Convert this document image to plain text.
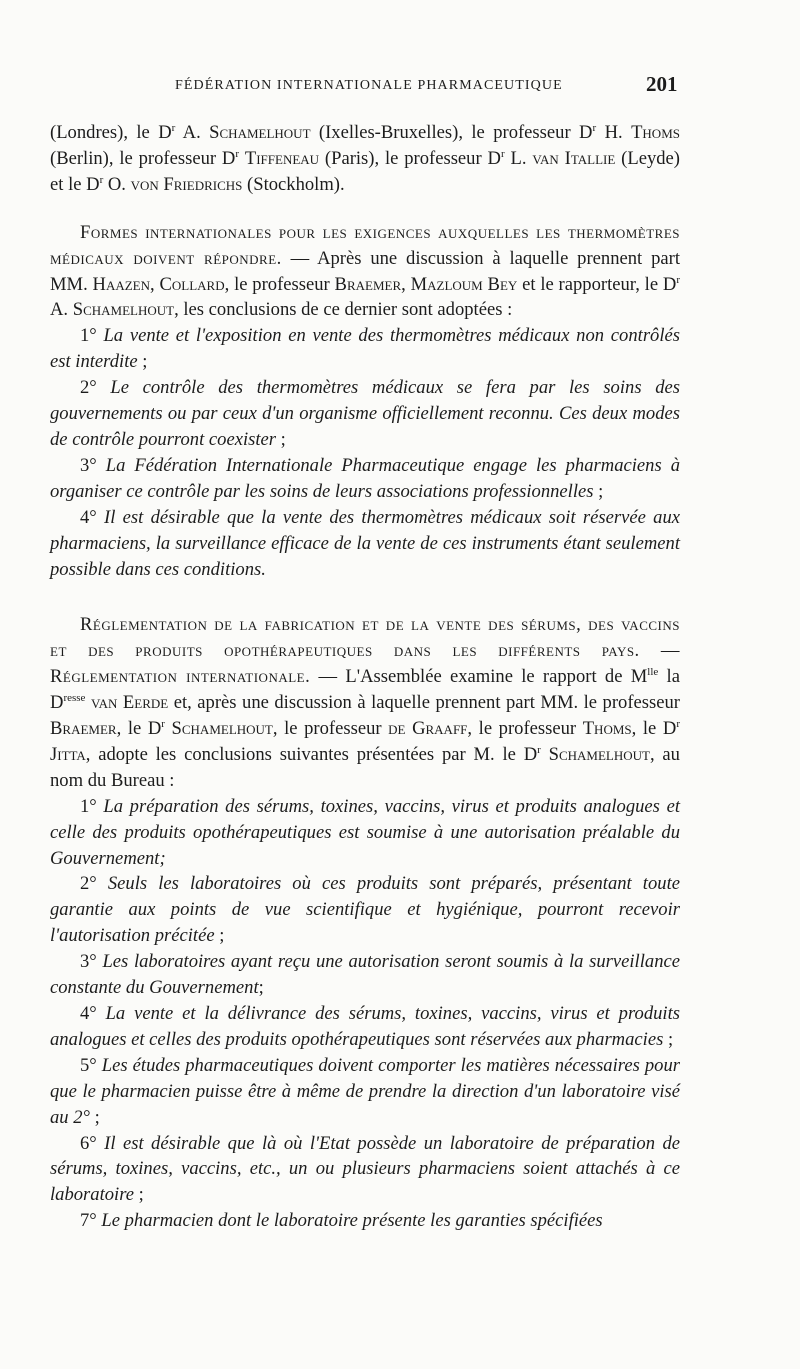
FÉDÉRATION INTERNATIONALE PHARMACEUTIQUE	201

(Londres), le $D^r$ A. Schamelhout (Ixelles-Bruxelles), le professeur $D^r$ H. Thoms (Berlin), le professeur $D^r$ Tiffeneau (Paris), le professeur $D^r$ L. van Itallie (Leyde) et le $D^r$ O. von Friedrichs (Stockholm).

Formes internationales pour les exigences auxquelles les thermomètres médicaux doivent répondre. — Après une discussion à laquelle prennent part MM. Haazen, Collard, le professeur Braemer, Mazloum Bey et le rapporteur, le $D^r$ A. Schamelhout, les conclusions de ce dernier sont adoptées :

1° La vente et l'exposition en vente des thermomètres médicaux non contrôlés est interdite ;

2° Le contrôle des thermomètres médicaux se fera par les soins des gouvernements ou par ceux d'un organisme officiellement reconnu. Ces deux modes de contrôle pourront coexister ;

3° La Fédération Internationale Pharmaceutique engage les pharmaciens à organiser ce contrôle par les soins de leurs associations professionnelles ;

4° Il est désirable que la vente des thermomètres médicaux soit réservée aux pharmaciens, la surveillance efficace de la vente de ces instruments étant seulement possible dans ces conditions.

Réglementation de la fabrication et de la vente des sérums, des vaccins et des produits opothérapeutiques dans les différents pays. — Réglementation internationale. — L'Assemblée examine le rapport de $M^{lle}$ la $D^{resse}$ van Eerde et, après une discussion à laquelle prennent part MM. le professeur Braemer, le $D^r$ Schamelhout, le professeur de Graaff, le professeur Thoms, le $D^r$ Jitta, adopte les conclusions suivantes présentées par M. le $D^r$ Schamelhout, au nom du Bureau :

1° La préparation des sérums, toxines, vaccins, virus et produits analogues et celle des produits opothérapeutiques est soumise à une autorisation préalable du Gouvernement;

2° Seuls les laboratoires où ces produits sont préparés, présentant toute garantie aux points de vue scientifique et hygiénique, pourront recevoir l'autorisation précitée ;

3° Les laboratoires ayant reçu une autorisation seront soumis à la surveillance constante du Gouvernement;

4° La vente et la délivrance des sérums, toxines, vaccins, virus et produits analogues et celles des produits opothérapeutiques sont réservées aux pharmacies ;

5° Les études pharmaceutiques doivent comporter les matières nécessaires pour que le pharmacien puisse être à même de prendre la direction d'un laboratoire visé au 2° ;

6° Il est désirable que là où l'Etat possède un laboratoire de préparation de sérums, toxines, vaccins, etc., un ou plusieurs pharmaciens soient attachés à ce laboratoire ;

7° Le pharmacien dont le laboratoire présente les garanties spécifiées
